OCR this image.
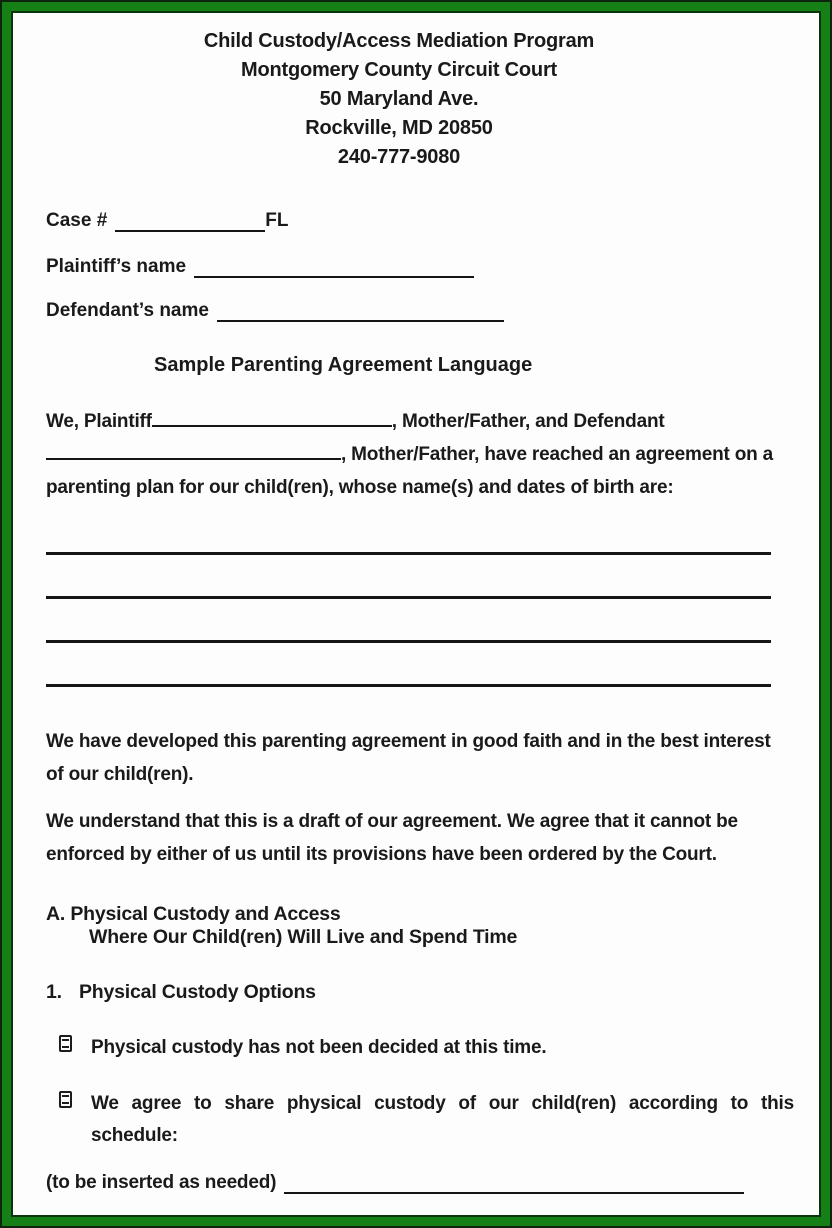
Child Custody/Access Mediation Program
Montgomery County Circuit Court
50 Maryland Ave.
Rockville, MD 20850
240-777-9080
Case #	FL
Plaintiff’s name
Defendant’s name
Sample Parenting Agreement Language
We, Plaintiff	, Mother/Father, and Defendant
, Mother/Father, have reached an agreement on a
parenting plan for our child(ren), whose name(s) and dates of birth are:
We have developed this parenting agreement in good faith and in the best interest of our child(ren).
We understand that this is a draft of our agreement. We agree that it cannot be enforced by either of us until its provisions have been ordered by the Court.
A. Physical Custody and Access
Where Our Child(ren) Will Live and Spend Time
1. Physical Custody Options
Physical custody has not been decided at this time.
We agree to share physical custody of our child(ren) according to this schedule:
(to be inserted as needed)
